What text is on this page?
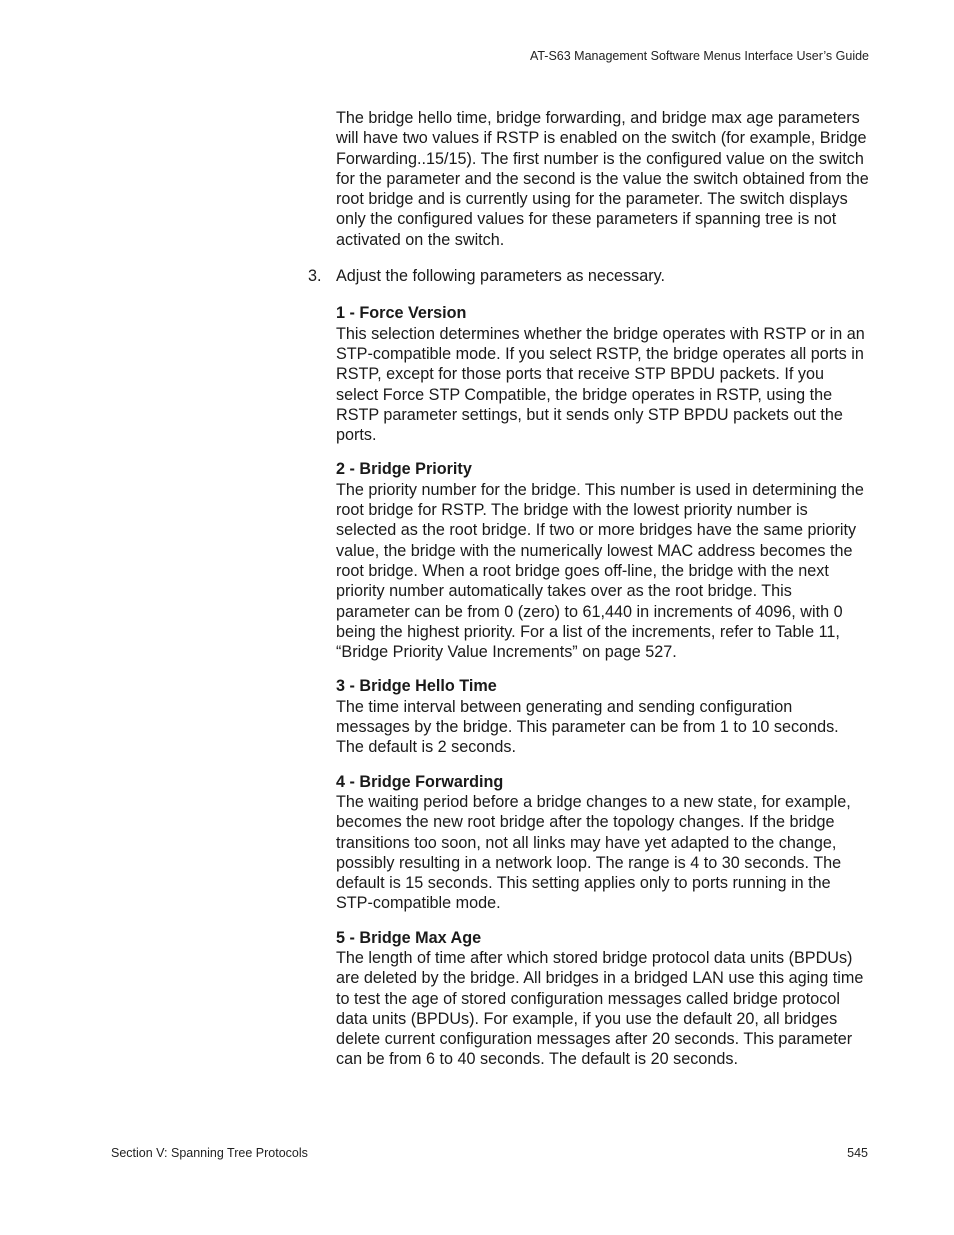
AT-S63 Management Software Menus Interface User’s Guide

The bridge hello time, bridge forwarding, and bridge max age parameters will have two values if RSTP is enabled on the switch (for example, Bridge Forwarding..15/15). The first number is the configured value on the switch for the parameter and the second is the value the switch obtained from the root bridge and is currently using for the parameter. The switch displays only the configured values for these parameters if spanning tree is not activated on the switch.

3. Adjust the following parameters as necessary.

1 - Force Version
This selection determines whether the bridge operates with RSTP or in an STP-compatible mode. If you select RSTP, the bridge operates all ports in RSTP, except for those ports that receive STP BPDU packets. If you select Force STP Compatible, the bridge operates in RSTP, using the RSTP parameter settings, but it sends only STP BPDU packets out the ports.
2 - Bridge Priority
The priority number for the bridge. This number is used in determining the root bridge for RSTP. The bridge with the lowest priority number is selected as the root bridge. If two or more bridges have the same priority value, the bridge with the numerically lowest MAC address becomes the root bridge. When a root bridge goes off-line, the bridge with the next priority number automatically takes over as the root bridge. This parameter can be from 0 (zero) to 61,440 in increments of 4096, with 0 being the highest priority. For a list of the increments, refer to Table 11, “Bridge Priority Value Increments” on page 527.
3 - Bridge Hello Time
The time interval between generating and sending configuration messages by the bridge. This parameter can be from 1 to 10 seconds. The default is 2 seconds.
4 - Bridge Forwarding
The waiting period before a bridge changes to a new state, for example, becomes the new root bridge after the topology changes. If the bridge transitions too soon, not all links may have yet adapted to the change, possibly resulting in a network loop. The range is 4 to 30 seconds. The default is 15 seconds. This setting applies only to ports running in the STP-compatible mode.
5 - Bridge Max Age
The length of time after which stored bridge protocol data units (BPDUs) are deleted by the bridge. All bridges in a bridged LAN use this aging time to test the age of stored configuration messages called bridge protocol data units (BPDUs). For example, if you use the default 20, all bridges delete current configuration messages after 20 seconds. This parameter can be from 6 to 40 seconds. The default is 20 seconds.
Section V: Spanning Tree Protocols	545
